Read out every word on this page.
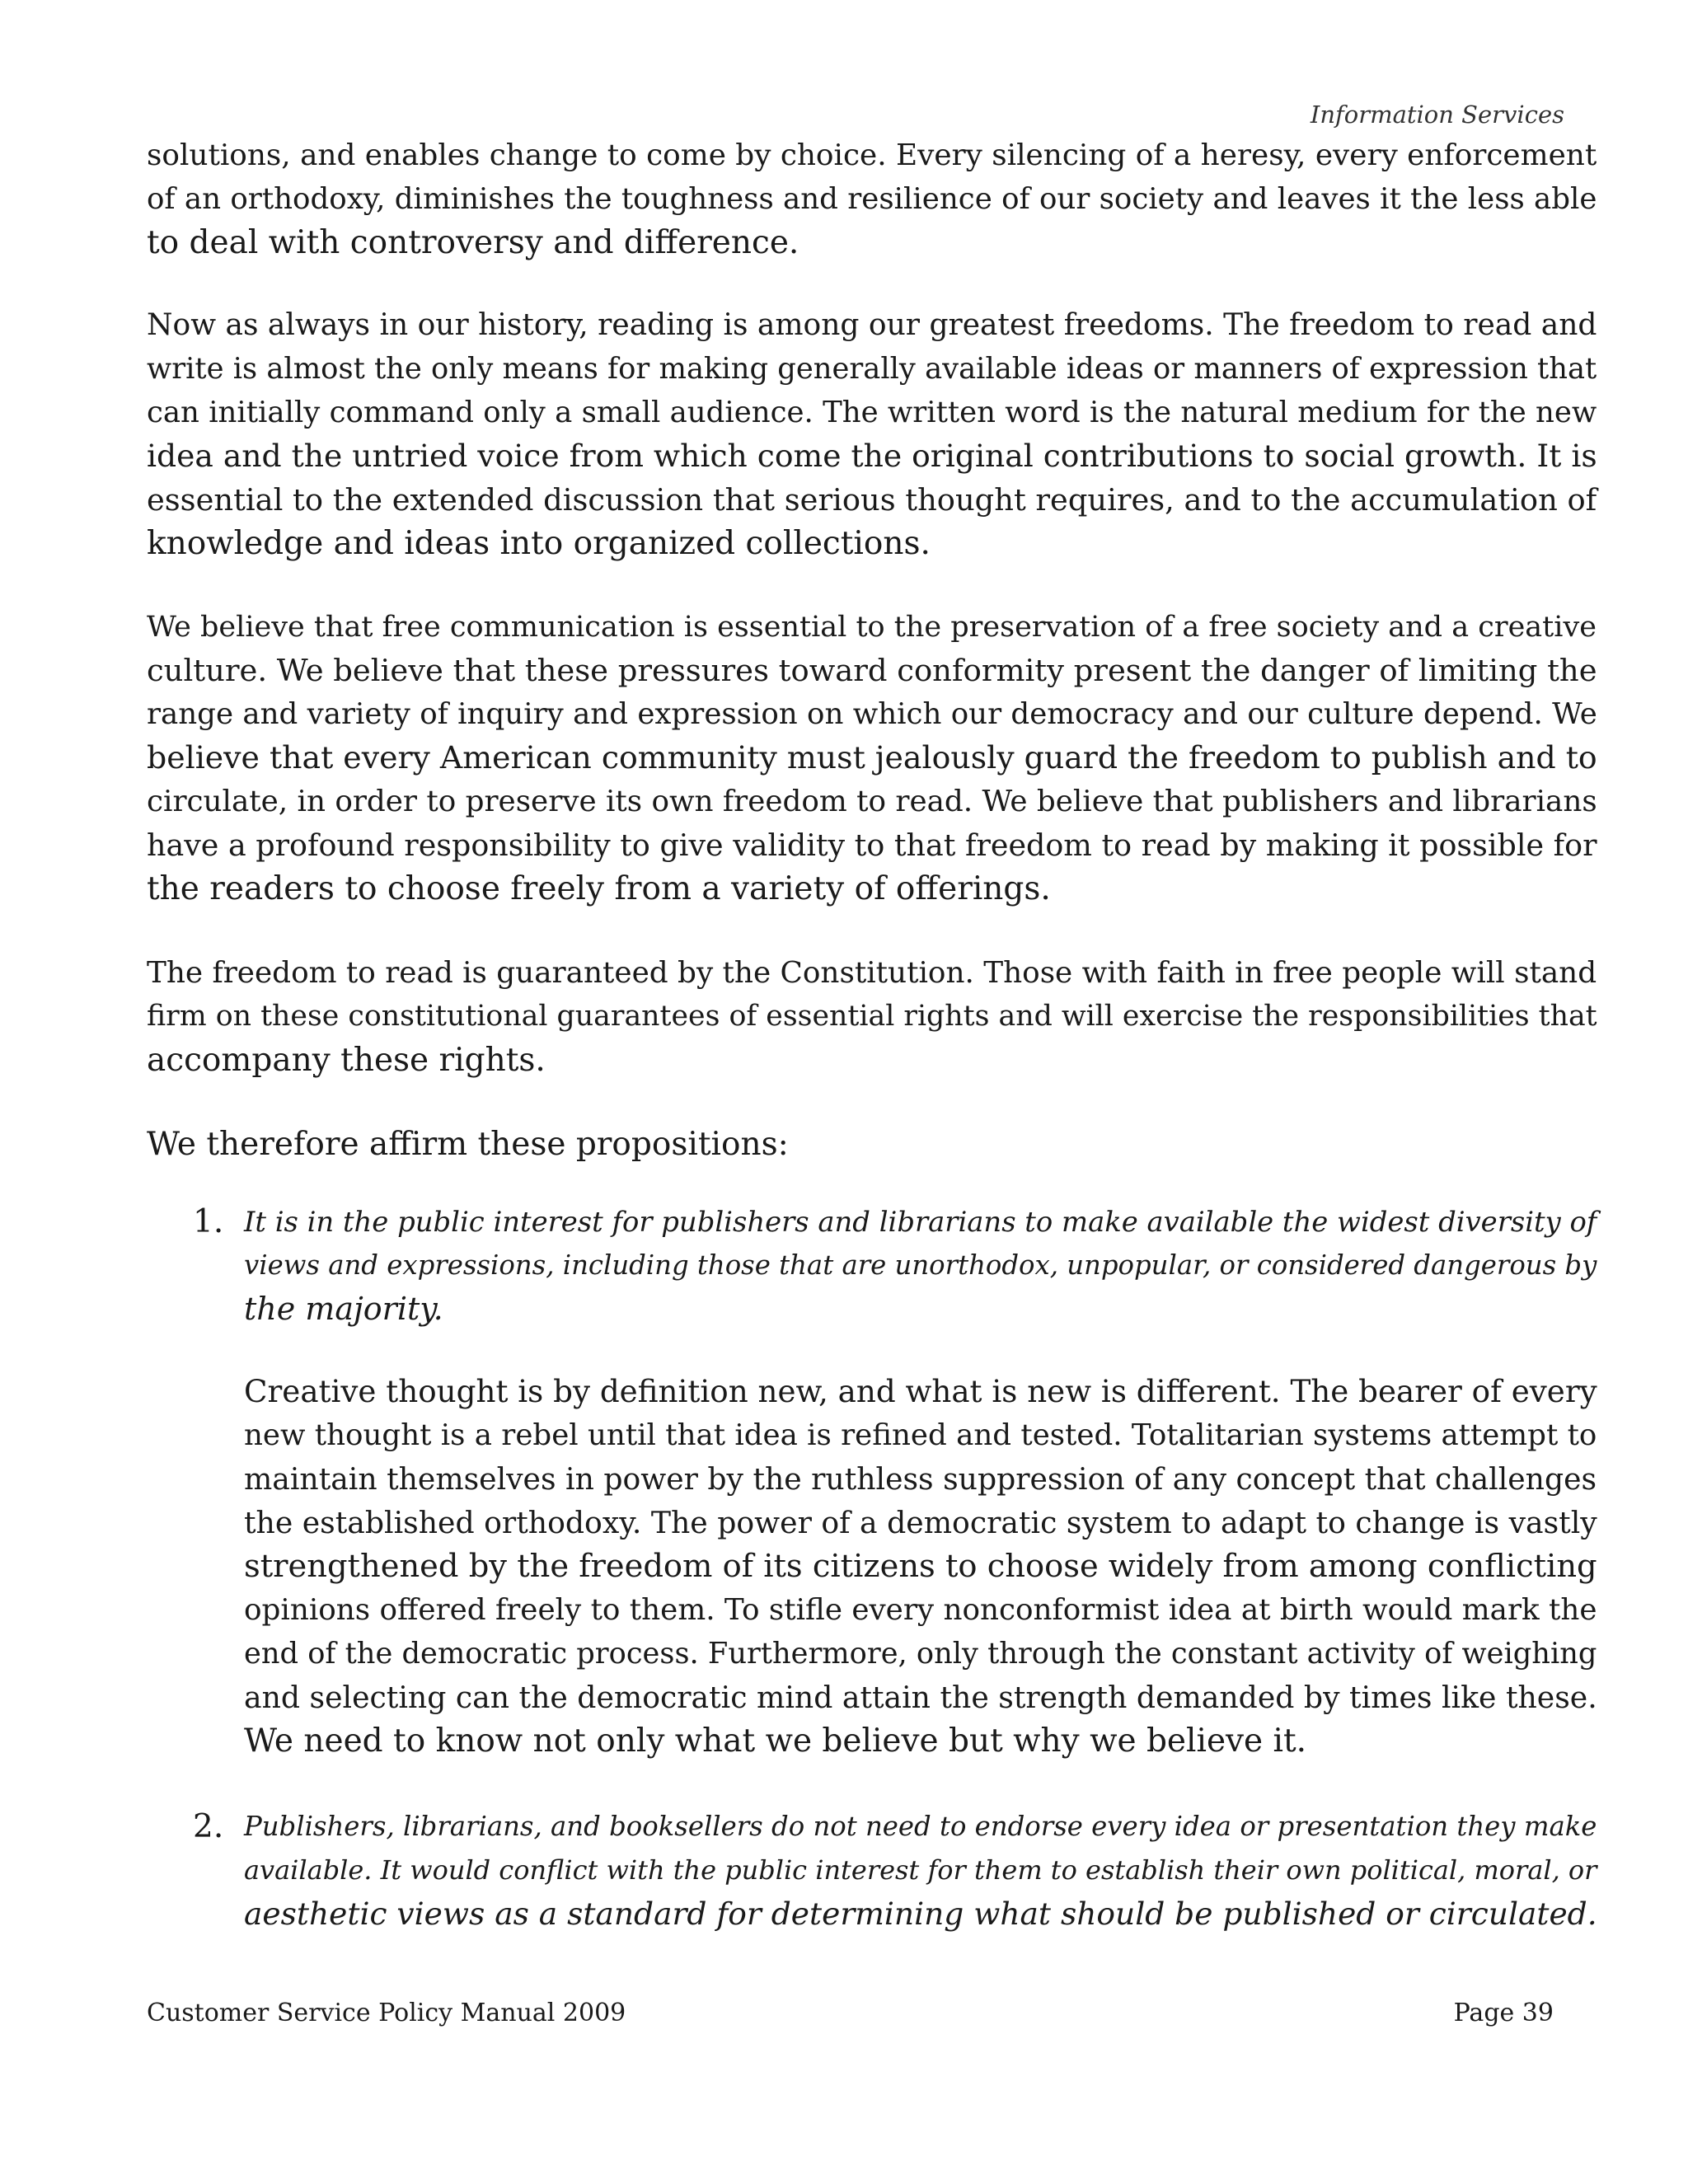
Information Services

solutions, and enables change to come by choice. Every silencing of a heresy, every enforcement
of an orthodoxy, diminishes the toughness and resilience of our society and leaves it the less able
to deal with controversy and difference.

Now as always in our history, reading is among our greatest freedoms. The freedom to read and
write is almost the only means for making generally available ideas or manners of expression that
can initially command only a small audience. The written word is the natural medium for the new
idea and the untried voice from which come the original contributions to social growth. It is
essential to the extended discussion that serious thought requires, and to the accumulation of
knowledge and ideas into organized collections.

We believe that free communication is essential to the preservation of a free society and a creative
culture. We believe that these pressures toward conformity present the danger of limiting the
range and variety of inquiry and expression on which our democracy and our culture depend. We
believe that every American community must jealously guard the freedom to publish and to
circulate, in order to preserve its own freedom to read. We believe that publishers and librarians
have a profound responsibility to give validity to that freedom to read by making it possible for
the readers to choose freely from a variety of offerings.

The freedom to read is guaranteed by the Constitution. Those with faith in free people will stand
firm on these constitutional guarantees of essential rights and will exercise the responsibilities that
accompany these rights.

We therefore affirm these propositions:

1. It is in the public interest for publishers and librarians to make available the widest diversity of
views and expressions, including those that are unorthodox, unpopular, or considered dangerous by
the majority.
Creative thought is by definition new, and what is new is different. The bearer of every
new thought is a rebel until that idea is refined and tested. Totalitarian systems attempt to
maintain themselves in power by the ruthless suppression of any concept that challenges
the established orthodoxy. The power of a democratic system to adapt to change is vastly
strengthened by the freedom of its citizens to choose widely from among conflicting
opinions offered freely to them. To stifle every nonconformist idea at birth would mark the
end of the democratic process. Furthermore, only through the constant activity of weighing
and selecting can the democratic mind attain the strength demanded by times like these.
We need to know not only what we believe but why we believe it.
2. Publishers, librarians, and booksellers do not need to endorse every idea or presentation they make
available. It would conflict with the public interest for them to establish their own political, moral, or
aesthetic views as a standard for determining what should be published or circulated.
Customer Service Policy Manual 2009	Page 39
